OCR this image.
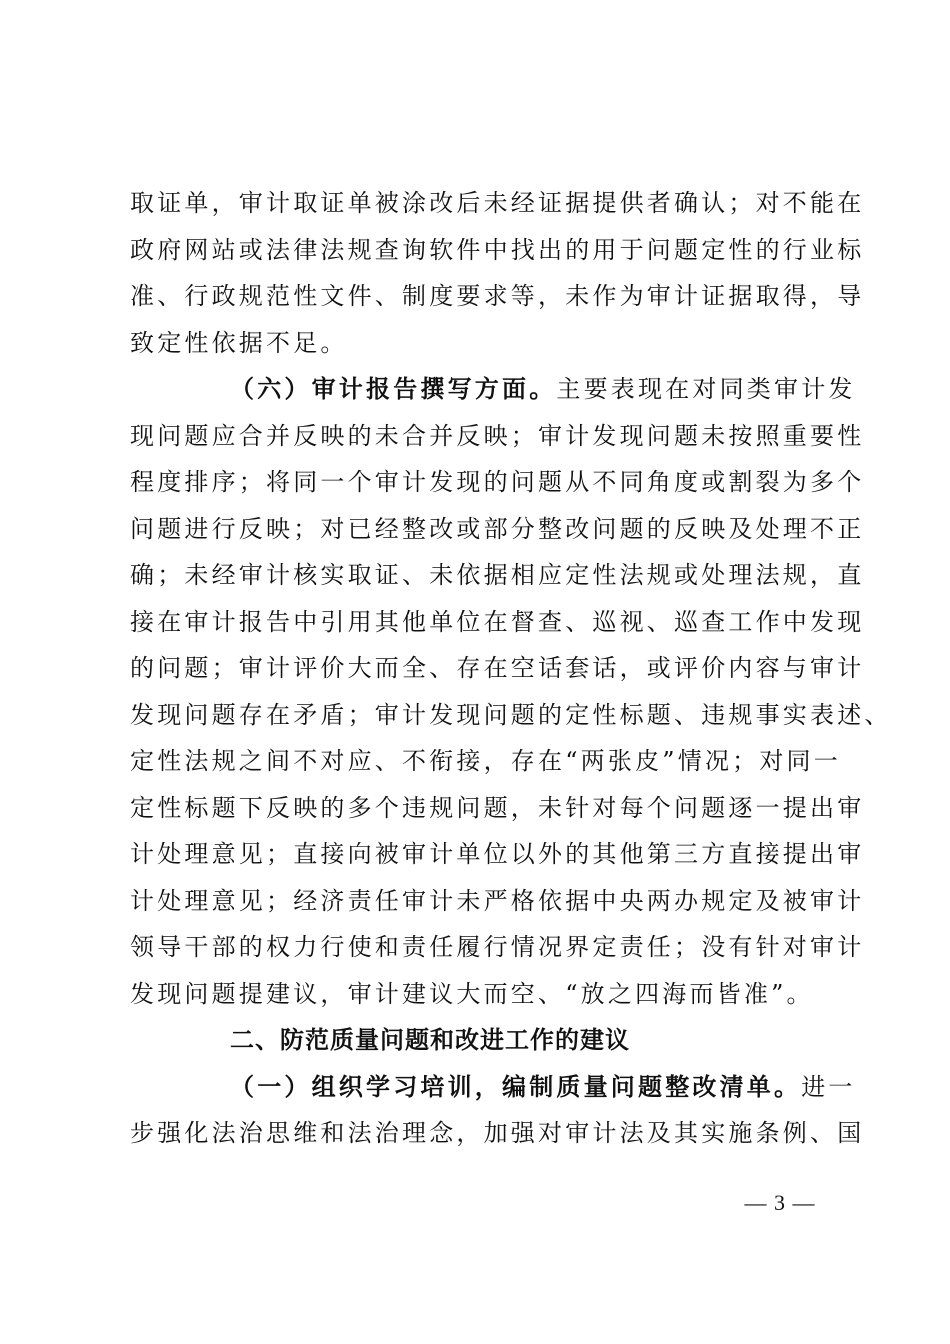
取证单，审计取证单被涂改后未经证据提供者确认；对不能在
政府网站或法律法规查询软件中找出的用于问题定性的行业标
准、行政规范性文件、制度要求等，未作为审计证据取得，导
致定性依据不足。
（六）审计报告撰写方面。主要表现在对同类审计发
现问题应合并反映的未合并反映；审计发现问题未按照重要性
程度排序；将同一个审计发现的问题从不同角度或割裂为多个
问题进行反映；对已经整改或部分整改问题的反映及处理不正
确；未经审计核实取证、未依据相应定性法规或处理法规，直
接在审计报告中引用其他单位在督查、巡视、巡查工作中发现
的问题；审计评价大而全、存在空话套话，或评价内容与审计
发现问题存在矛盾；审计发现问题的定性标题、违规事实表述、
定性法规之间不对应、不衔接，存在“两张皮”情况；对同一
定性标题下反映的多个违规问题，未针对每个问题逐一提出审
计处理意见；直接向被审计单位以外的其他第三方直接提出审
计处理意见；经济责任审计未严格依据中央两办规定及被审计
领导干部的权力行使和责任履行情况界定责任；没有针对审计
发现问题提建议，审计建议大而空、“放之四海而皆准”。
二、防范质量问题和改进工作的建议
（一）组织学习培训，编制质量问题整改清单。进一
步强化法治思维和法治理念，加强对审计法及其实施条例、国
— 3 —
